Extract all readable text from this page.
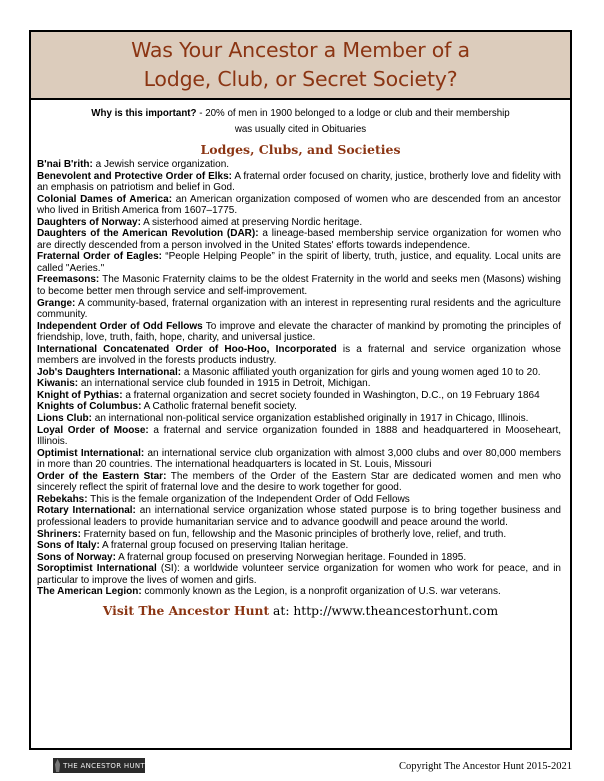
Was Your Ancestor a Member of a
Lodge, Club, or Secret Society?
Why is this important? - 20% of men in 1900 belonged to a lodge or club and their membership was usually cited in Obituaries
Lodges, Clubs, and Societies

B'nai B'rith: a Jewish service organization.

Benevolent and Protective Order of Elks: A fraternal order focused on charity, justice, brotherly love and fidelity with an emphasis on patriotism and belief in God.

Colonial Dames of America: an American organization composed of women who are descended from an ancestor who lived in British America from 1607–1775.

Daughters of Norway: A sisterhood aimed at preserving Nordic heritage.

Daughters of the American Revolution (DAR): a lineage-based membership service organization for women who are directly descended from a person involved in the United States' efforts towards independence.

Fraternal Order of Eagles: “People Helping People” in the spirit of liberty, truth, justice, and equality. Local units are called "Aeries."

Freemasons: The Masonic Fraternity claims to be the oldest Fraternity in the world and seeks men (Masons) wishing to become better men through service and self-improvement.

Grange: A community-based, fraternal organization with an interest in representing rural residents and the agriculture community.

Independent Order of Odd Fellows To improve and elevate the character of mankind by promoting the principles of friendship, love, truth, faith, hope, charity, and universal justice.

International Concatenated Order of Hoo-Hoo, Incorporated is a fraternal and service organization whose members are involved in the forests products industry.

Job's Daughters International: a Masonic affiliated youth organization for girls and young women aged 10 to 20.

Kiwanis: an international service club founded in 1915 in Detroit, Michigan.

Knight of Pythias: a fraternal organization and secret society founded in Washington, D.C., on 19 February 1864

Knights of Columbus: A Catholic fraternal benefit society.

Lions Club: an international non-political service organization established originally in 1917 in Chicago, Illinois.

Loyal Order of Moose: a fraternal and service organization founded in 1888 and headquartered in Mooseheart, Illinois.

Optimist International: an international service club organization with almost 3,000 clubs and over 80,000 members in more than 20 countries. The international headquarters is located in St. Louis, Missouri

Order of the Eastern Star: The members of the Order of the Eastern Star are dedicated women and men who sincerely reflect the spirit of fraternal love and the desire to work together for good.

Rebekahs: This is the female organization of the Independent Order of Odd Fellows

Rotary International: an international service organization whose stated purpose is to bring together business and professional leaders to provide humanitarian service and to advance goodwill and peace around the world.

Shriners: Fraternity based on fun, fellowship and the Masonic principles of brotherly love, relief, and truth.

Sons of Italy: A fraternal group focused on preserving Italian heritage.

Sons of Norway: A fraternal group focused on preserving Norwegian heritage. Founded in 1895.

Soroptimist International (SI): a worldwide volunteer service organization for women who work for peace, and in particular to improve the lives of women and girls.

The American Legion: commonly known as the Legion, is a nonprofit organization of U.S. war veterans.

Visit The Ancestor Hunt at: http://www.theancestorhunt.com
THE ANCESTOR HUNT	Copyright The Ancestor Hunt 2015-2021
